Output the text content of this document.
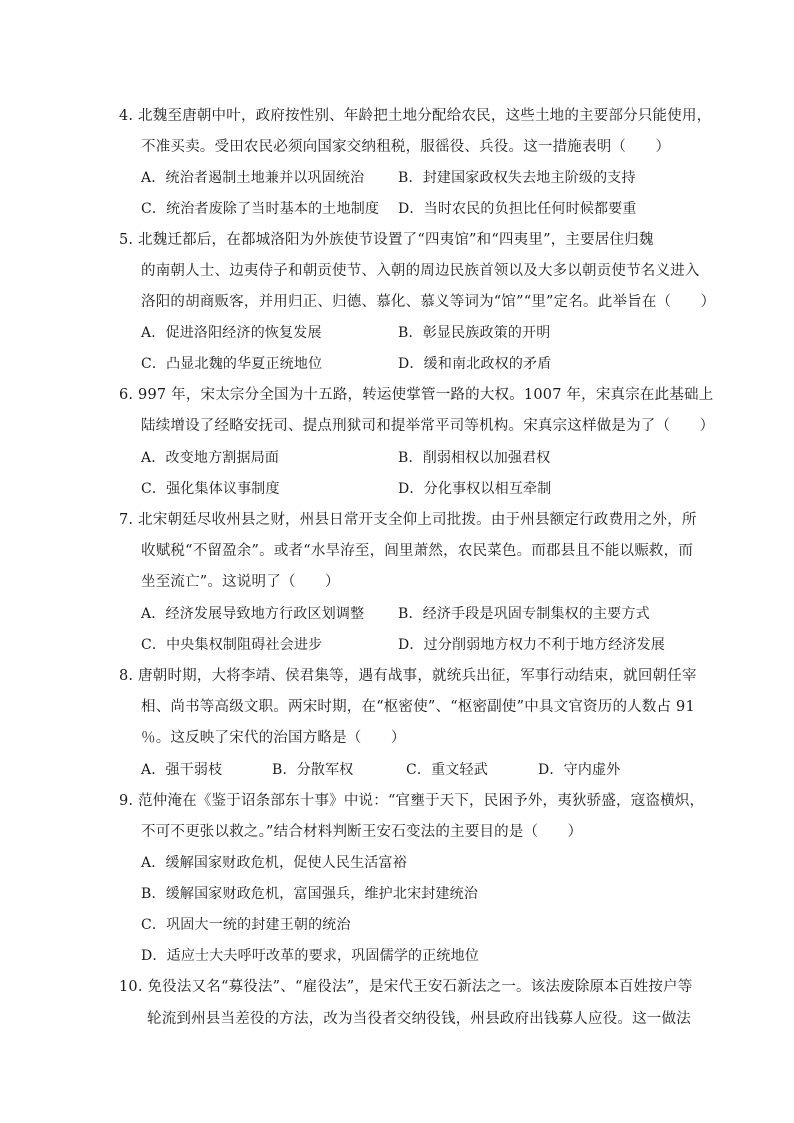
4. 北魏至唐朝中叶，政府按性别、年龄把土地分配给农民，这些土地的主要部分只能使用，
不准买卖。受田农民必须向国家交纳租税，服徭役、兵役。这一措施表明（　　）
A．统治者遏制土地兼并以巩固统治 B．封建国家政权失去地主阶级的支持
C．统治者废除了当时基本的土地制度 D．当时农民的负担比任何时候都要重
5. 北魏迁都后，在都城洛阳为外族使节设置了“四夷馆”和“四夷里”，主要居住归魏
的南朝人士、边夷侍子和朝贡使节、入朝的周边民族首领以及大多以朝贡使节名义进入
洛阳的胡商贩客，并用归正、归德、慕化、慕义等词为“馆”“里”定名。此举旨在（　　）
A．促进洛阳经济的恢复发展	B．彰显民族政策的开明
C．凸显北魏的华夏正统地位	D．缓和南北政权的矛盾
6. 997 年，宋太宗分全国为十五路，转运使掌管一路的大权。1007 年，宋真宗在此基础上
陆续增设了经略安抚司、提点刑狱司和提举常平司等机构。宋真宗这样做是为了（　　）
A．改变地方割据局面	B．削弱相权以加强君权
C．强化集体议事制度	D．分化事权以相互牵制
7. 北宋朝廷尽收州县之财，州县日常开支全仰上司批拨。由于州县额定行政费用之外，所
收赋税“不留盈余”。或者“水旱洊至，闾里萧然，农民菜色。而郡县且不能以赈救，而
坐至流亡”。这说明了（　　）
A．经济发展导致地方行政区划调整 B．经济手段是巩固专制集权的主要方式
C．中央集权制阻碍社会进步	D．过分削弱地方权力不利于地方经济发展
8. 唐朝时期，大将李靖、侯君集等，遇有战事，就统兵出征，军事行动结束，就回朝任宰
相、尚书等高级文职。两宋时期，在“枢密使”、“枢密副使”中具文官资历的人数占 91
％。这反映了宋代的治国方略是（　　）
A．强干弱枝	B．分散军权	C．重文轻武	D．守内虚外
9. 范仲淹在《鉴于诏条部东十事》中说：“官壅于天下，民困予外，夷狄骄盛，寇盗横炽，
不可不更张以救之。”结合材料判断王安石变法的主要目的是（　　）
A．缓解国家财政危机，促使人民生活富裕
B．缓解国家财政危机，富国强兵，维护北宋封建统治
C．巩固大一统的封建王朝的统治
D．适应士大夫呼吁改革的要求，巩固儒学的正统地位
10. 免役法又名“募役法”、“雇役法”，是宋代王安石新法之一。该法废除原本百姓按户等
轮流到州县当差役的方法，改为当役者交纳役钱，州县政府出钱募人应役。这一做法
